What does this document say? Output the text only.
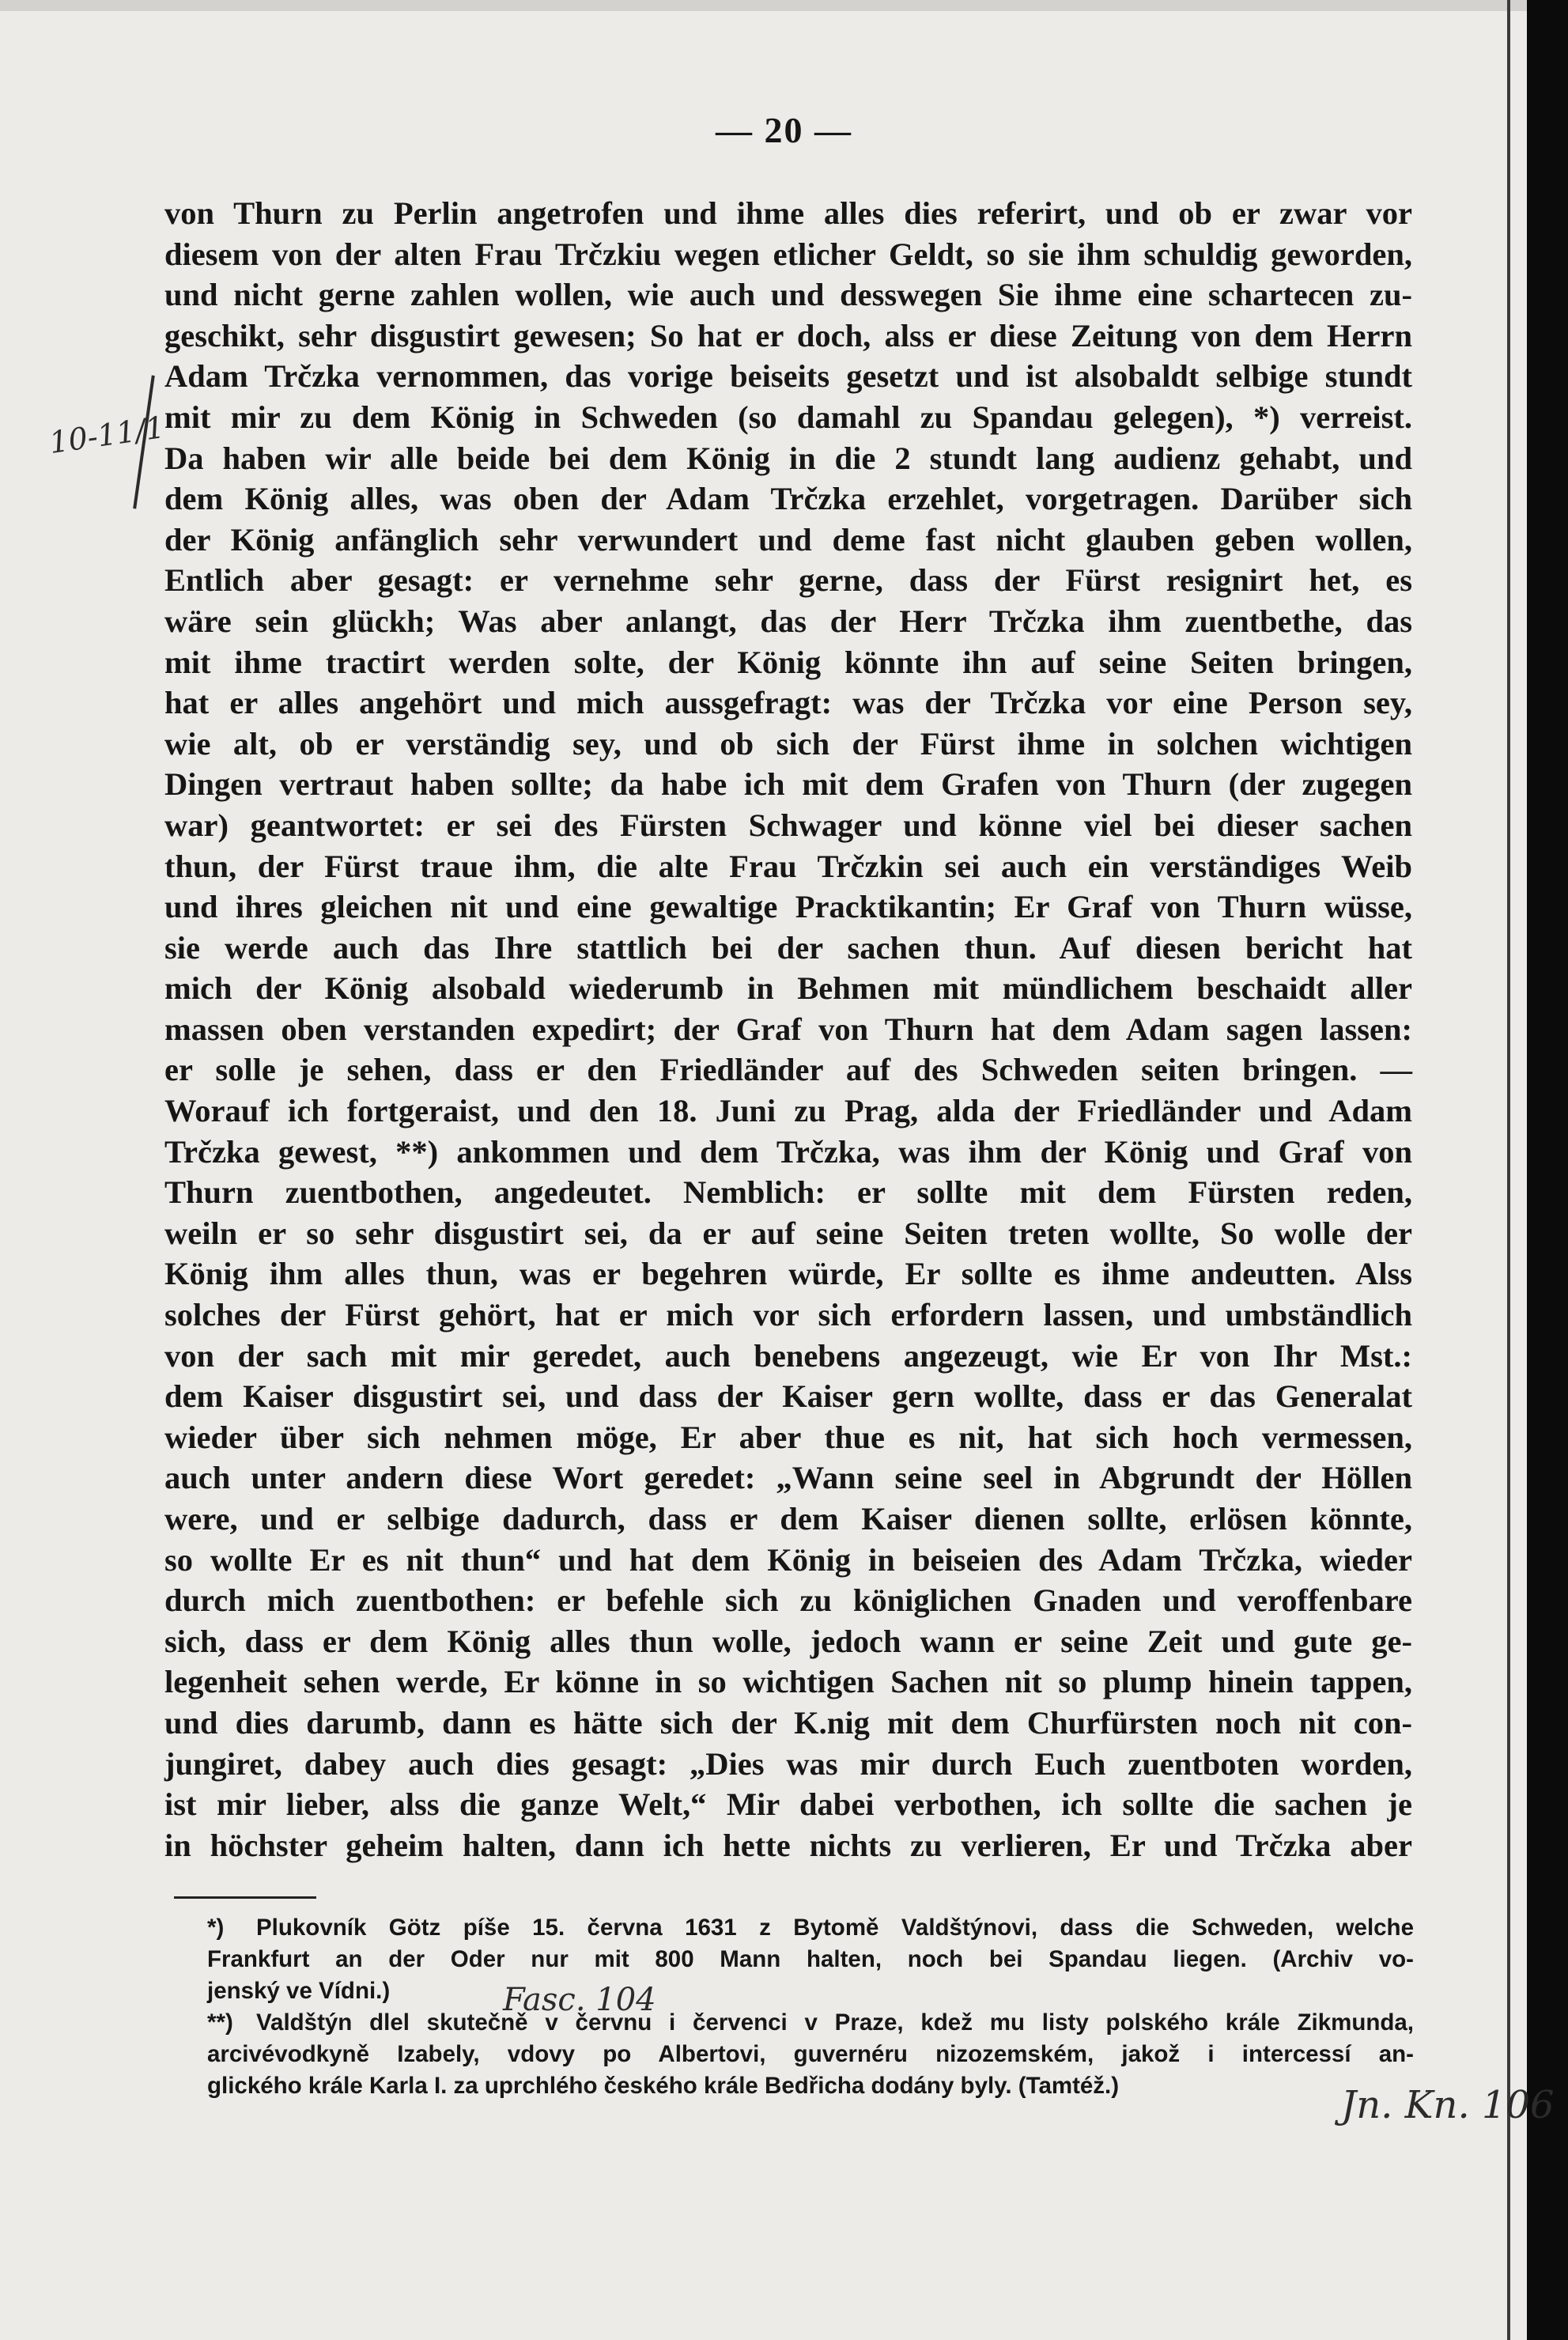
— 20 —
10-11/1
von Thurn zu Perlin angetrofen und ihme alles dies referirt, und ob er zwar vor
diesem von der alten Frau Trčzkiu wegen etlicher Geldt, so sie ihm schuldig geworden,
und nicht gerne zahlen wollen, wie auch und desswegen Sie ihme eine schartecen zu-
geschikt, sehr disgustirt gewesen; So hat er doch, alss er diese Zeitung von dem Herrn
Adam Trčzka vernommen, das vorige beiseits gesetzt und ist alsobaldt selbige stundt
mit mir zu dem König in Schweden (so damahl zu Spandau gelegen), *) verreist.
Da haben wir alle beide bei dem König in die 2 stundt lang audienz gehabt, und
dem König alles, was oben der Adam Trčzka erzehlet, vorgetragen. Darüber sich
der König anfänglich sehr verwundert und deme fast nicht glauben geben wollen,
Entlich aber gesagt: er vernehme sehr gerne, dass der Fürst resignirt het, es
wäre sein glückh; Was aber anlangt, das der Herr Trčzka ihm zuentbethe, das
mit ihme tractirt werden solte, der König könnte ihn auf seine Seiten bringen,
hat er alles angehört und mich aussgefragt: was der Trčzka vor eine Person sey,
wie alt, ob er verständig sey, und ob sich der Fürst ihme in solchen wichtigen
Dingen vertraut haben sollte; da habe ich mit dem Grafen von Thurn (der zugegen
war) geantwortet: er sei des Fürsten Schwager und könne viel bei dieser sachen
thun, der Fürst traue ihm, die alte Frau Trčzkin sei auch ein verständiges Weib
und ihres gleichen nit und eine gewaltige Pracktikantin; Er Graf von Thurn wüsse,
sie werde auch das Ihre stattlich bei der sachen thun. Auf diesen bericht hat
mich der König alsobald wiederumb in Behmen mit mündlichem beschaidt aller
massen oben verstanden expedirt; der Graf von Thurn hat dem Adam sagen lassen:
er solle je sehen, dass er den Friedländer auf des Schweden seiten bringen. —
Worauf ich fortgeraist, und den 18. Juni zu Prag, alda der Friedländer und Adam
Trčzka gewest, **) ankommen und dem Trčzka, was ihm der König und Graf von
Thurn zuentbothen, angedeutet. Nemblich: er sollte mit dem Fürsten reden,
weiln er so sehr disgustirt sei, da er auf seine Seiten treten wollte, So wolle der
König ihm alles thun, was er begehren würde, Er sollte es ihme andeutten. Alss
solches der Fürst gehört, hat er mich vor sich erfordern lassen, und umbständlich
von der sach mit mir geredet, auch benebens angezeugt, wie Er von Ihr Mst.:
dem Kaiser disgustirt sei, und dass der Kaiser gern wollte, dass er das Generalat
wieder über sich nehmen möge, Er aber thue es nit, hat sich hoch vermessen,
auch unter andern diese Wort geredet: „Wann seine seel in Abgrundt der Höllen
were, und er selbige dadurch, dass er dem Kaiser dienen sollte, erlösen könnte,
so wollte Er es nit thun“ und hat dem König in beiseien des Adam Trčzka, wieder
durch mich zuentbothen: er befehle sich zu königlichen Gnaden und veroffenbare
sich, dass er dem König alles thun wolle, jedoch wann er seine Zeit und gute ge-
legenheit sehen werde, Er könne in so wichtigen Sachen nit so plump hinein tappen,
und dies darumb, dann es hätte sich der K.nig mit dem Churfürsten noch nit con-
jungiret, dabey auch dies gesagt: „Dies was mir durch Euch zuentboten worden,
ist mir lieber, alss die ganze Welt,“ Mir dabei verbothen, ich sollte die sachen je
in höchster geheim halten, dann ich hette nichts zu verlieren, Er und Trčzka aber
*) Plukovník Götz píše 15. června 1631 z Bytomě Valdštýnovi, dass die Schweden, welche
Frankfurt an der Oder nur mit 800 Mann halten, noch bei Spandau liegen. (Archiv vo-
jenský ve Vídni.)
**) Valdštýn dlel skutečně v červnu i červenci v Praze, kdež mu listy polského krále Zikmunda,
arcivévodkyně Izabely, vdovy po Albertovi, guvernéru nizozemském, jakož i intercessí an-
glického krále Karla I. za uprchlého českého krále Bedřicha dodány byly. (Tamtéž.)
Fasc. 104
Jn. Kn. 106
